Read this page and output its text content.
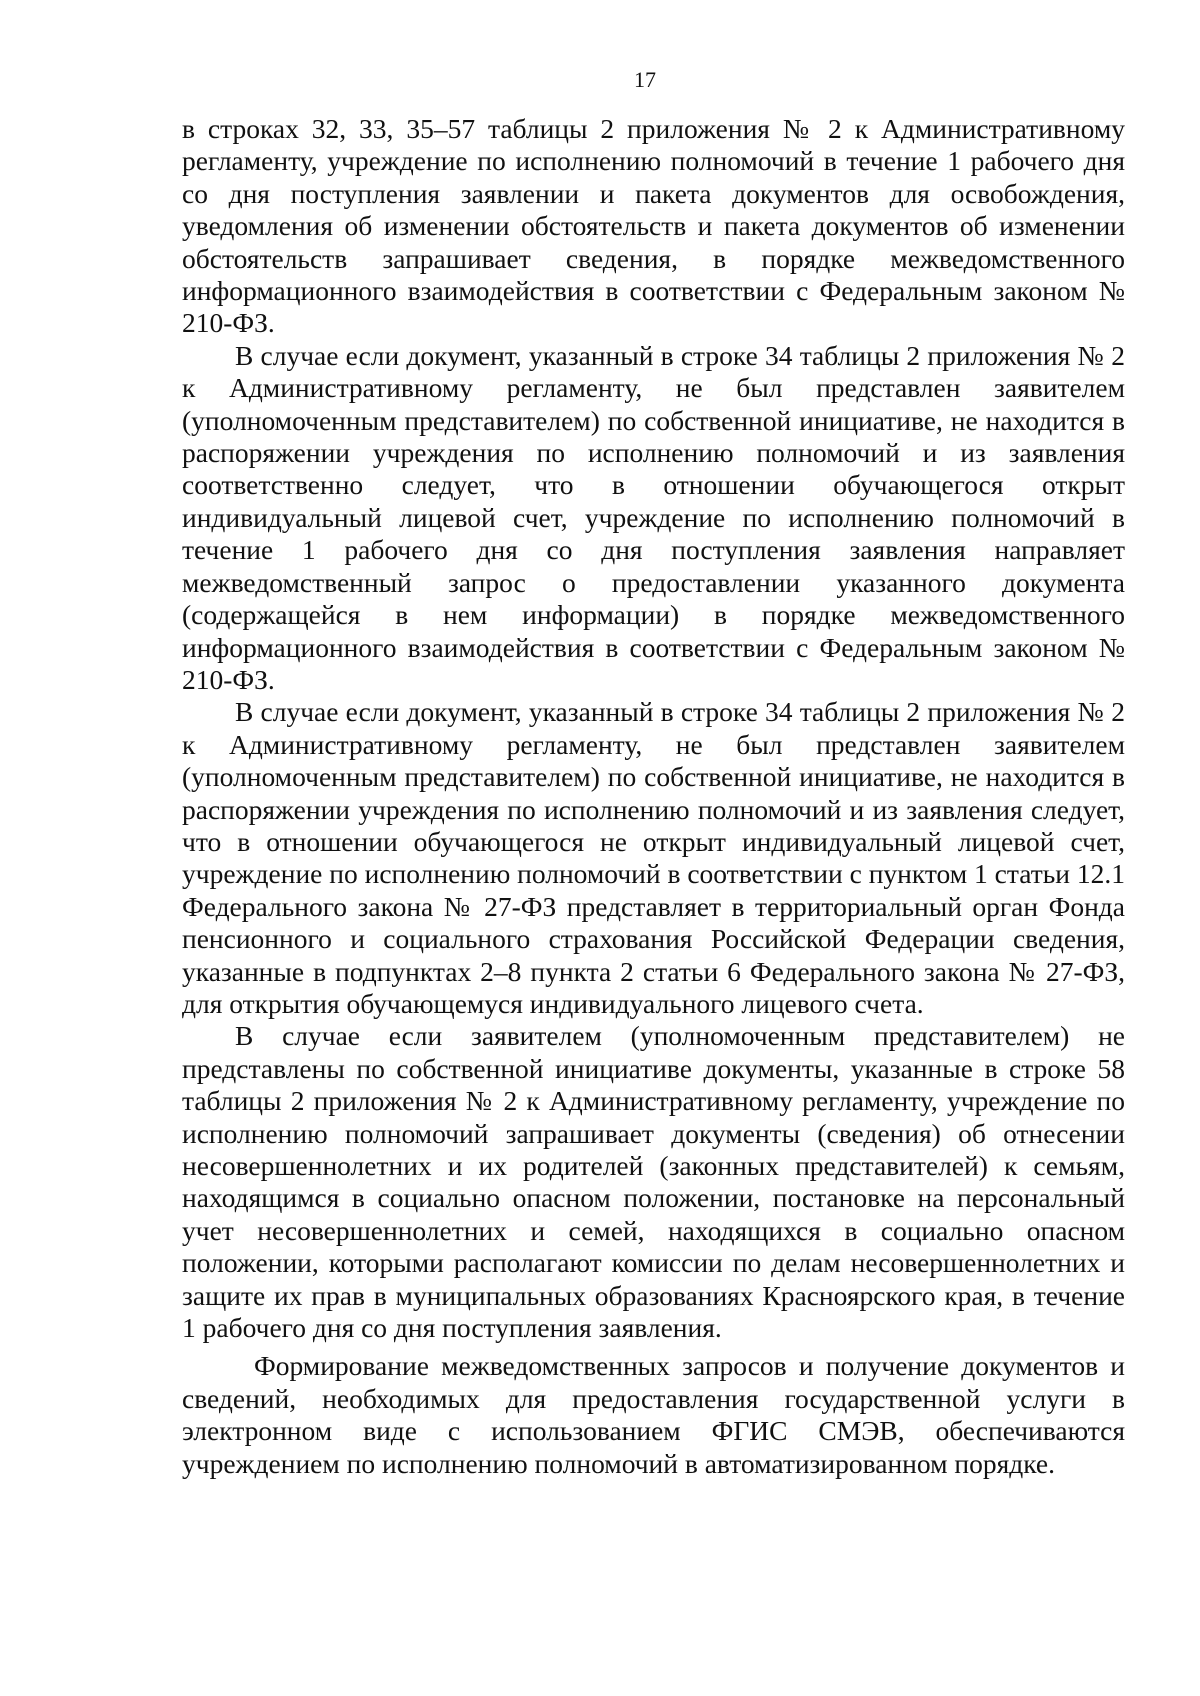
17

в строках 32, 33, 35–57 таблицы 2 приложения № 2 к Административному регламенту, учреждение по исполнению полномочий в течение 1 рабочего дня со дня поступления заявлении и пакета документов для освобождения, уведомления об изменении обстоятельств и пакета документов об изменении обстоятельств запрашивает сведения, в порядке межведомственного информационного взаимодействия в соответствии с Федеральным законом № 210-ФЗ.

В случае если документ, указанный в строке 34 таблицы 2 приложения № 2 к Административному регламенту, не был представлен заявителем (уполномоченным представителем) по собственной инициативе, не находится в распоряжении учреждения по исполнению полномочий и из заявления соответственно следует, что в отношении обучающегося открыт индивидуальный лицевой счет, учреждение по исполнению полномочий в течение 1 рабочего дня со дня поступления заявления направляет межведомственный запрос о предоставлении указанного документа (содержащейся в нем информации) в порядке межведомственного информационного взаимодействия в соответствии с Федеральным законом № 210-ФЗ.

В случае если документ, указанный в строке 34 таблицы 2 приложения № 2 к Административному регламенту, не был представлен заявителем (уполномоченным представителем) по собственной инициативе, не находится в распоряжении учреждения по исполнению полномочий и из заявления следует, что в отношении обучающегося не открыт индивидуальный лицевой счет, учреждение по исполнению полномочий в соответствии с пунктом 1 статьи 12.1 Федерального закона № 27-ФЗ представляет в территориальный орган Фонда пенсионного и социального страхования Российской Федерации сведения, указанные в подпунктах 2–8 пункта 2 статьи 6 Федерального закона № 27-ФЗ, для открытия обучающемуся индивидуального лицевого счета.

В случае если заявителем (уполномоченным представителем) не представлены по собственной инициативе документы, указанные в строке 58 таблицы 2 приложения № 2 к Административному регламенту, учреждение по исполнению полномочий запрашивает документы (сведения) об отнесении несовершеннолетних и их родителей (законных представителей) к семьям, находящимся в социально опасном положении, постановке на персональный учет несовершеннолетних и семей, находящихся в социально опасном положении, которыми располагают комиссии по делам несовершеннолетних и защите их прав в муниципальных образованиях Красноярского края, в течение 1 рабочего дня со дня поступления заявления.

Формирование межведомственных запросов и получение документов и сведений, необходимых для предоставления государственной услуги в электронном виде с использованием ФГИС СМЭВ, обеспечиваются учреждением по исполнению полномочий в автоматизированном порядке.
